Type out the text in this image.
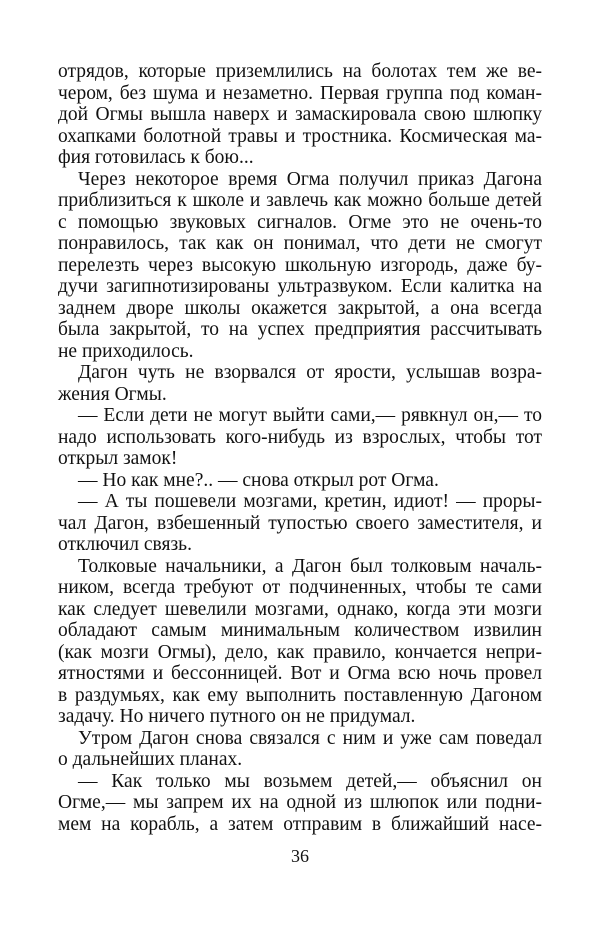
отрядов, которые приземлились на болотах тем же ве-
чером, без шума и незаметно. Первая группа под коман-
дой Огмы вышла наверх и замаскировала свою шлюпку
охапками болотной травы и тростника. Космическая ма-
фия готовилась к бою...
Через некоторое время Огма получил приказ Дагона
приблизиться к школе и завлечь как можно больше детей
с помощью звуковых сигналов. Огме это не очень-то
понравилось, так как он понимал, что дети не смогут
перелезть через высокую школьную изгородь, даже бу-
дучи загипнотизированы ультразвуком. Если калитка на
заднем дворе школы окажется закрытой, а она всегда
была закрытой, то на успех предприятия рассчитывать
не приходилось.
Дагон чуть не взорвался от ярости, услышав возра-
жения Огмы.
— Если дети не могут выйти сами,— рявкнул он,— то
надо использовать кого-нибудь из взрослых, чтобы тот
открыл замок!
— Но как мне?.. — снова открыл рот Огма.
— А ты пошевели мозгами, кретин, идиот! — проры-
чал Дагон, взбешенный тупостью своего заместителя, и
отключил связь.
Толковые начальники, а Дагон был толковым началь-
ником, всегда требуют от подчиненных, чтобы те сами
как следует шевелили мозгами, однако, когда эти мозги
обладают самым минимальным количеством извилин
(как мозги Огмы), дело, как правило, кончается непри-
ятностями и бессонницей. Вот и Огма всю ночь провел
в раздумьях, как ему выполнить поставленную Дагоном
задачу. Но ничего путного он не придумал.
Утром Дагон снова связался с ним и уже сам поведал
о дальнейших планах.
— Как только мы возьмем детей,— объяснил он
Огме,— мы запрем их на одной из шлюпок или подни-
мем на корабль, а затем отправим в ближайший насе-
36
